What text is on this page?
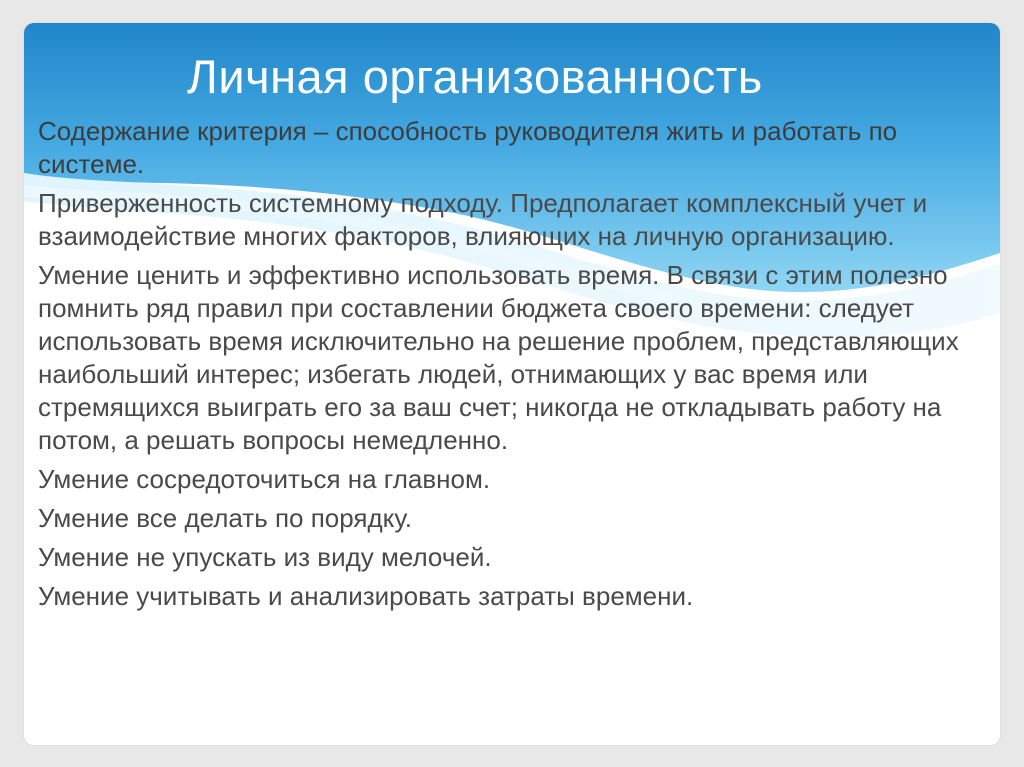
Личная организованность

Содержание критерия – способность руководителя жить и работать по системе.

Приверженность системному подходу. Предполагает комплексный учет и взаимодействие многих факторов, влияющих на личную организацию.

Умение ценить и эффективно использовать время. В связи с этим полезно помнить ряд правил при составлении бюджета своего времени: следует использовать время исключительно на решение проблем, представляющих наибольший интерес; избегать людей, отнимающих у вас время или стремящихся выиграть его за ваш счет; никогда не откладывать работу на потом, а решать вопросы немедленно.

Умение сосредоточиться на главном.

Умение все делать по порядку.

Умение не упускать из виду мелочей.

Умение учитывать и анализировать затраты времени.
